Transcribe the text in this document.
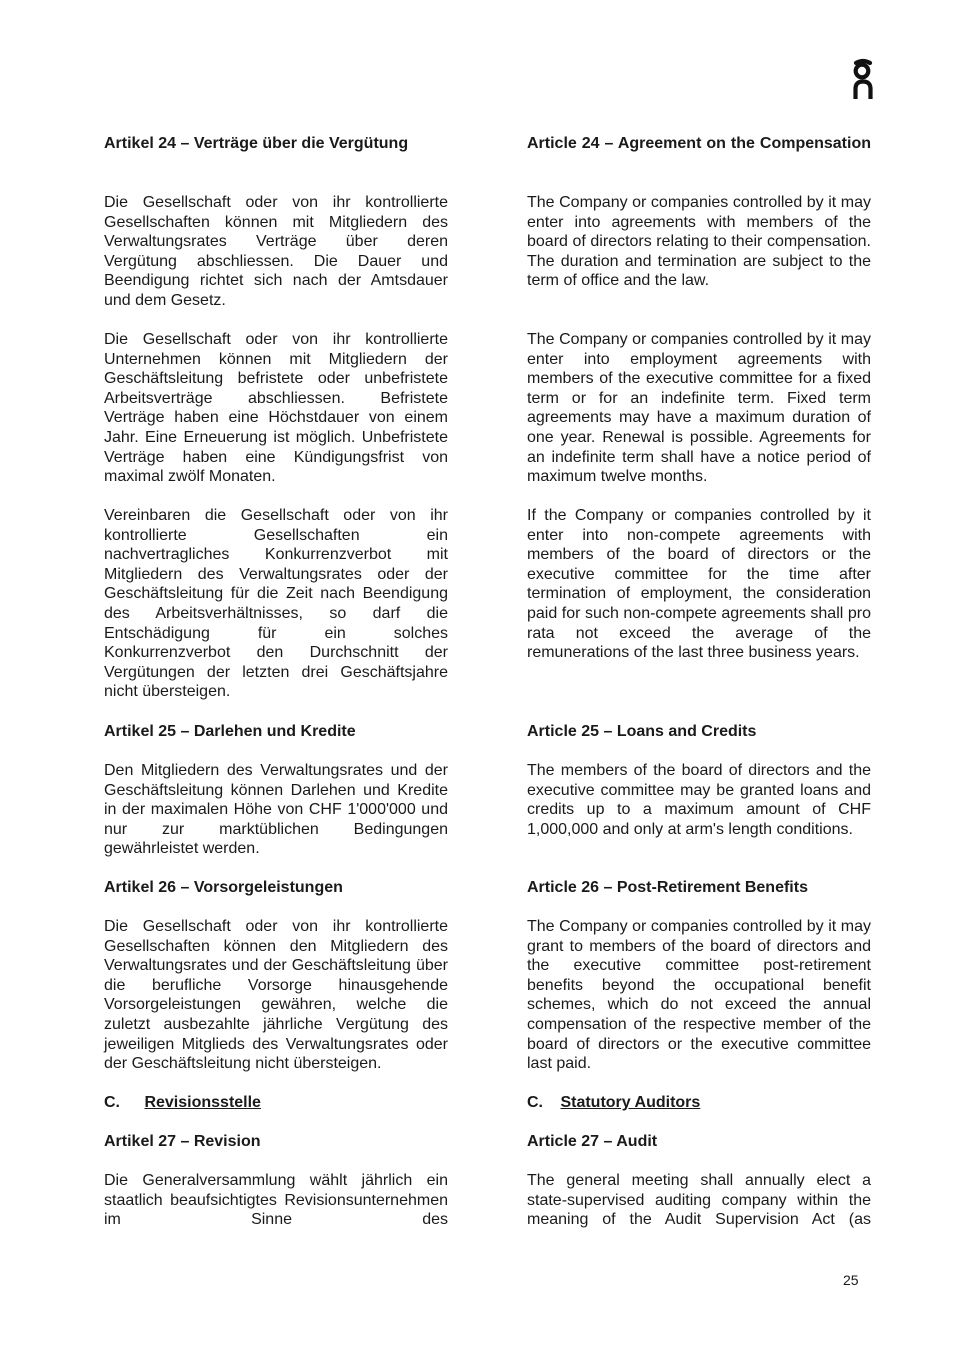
Artikel 24 – Verträge über die Vergütung

Die Gesellschaft oder von ihr kontrollierte Gesellschaften können mit Mitgliedern des Verwaltungsrates Verträge über deren Vergütung abschliessen. Die Dauer und Beendigung richtet sich nach der Amtsdauer und dem Gesetz.

Die Gesellschaft oder von ihr kontrollierte Unternehmen können mit Mitgliedern der Geschäftsleitung befristete oder unbefristete Arbeitsverträge abschliessen. Befristete Verträge haben eine Höchstdauer von einem Jahr. Eine Erneuerung ist möglich. Unbefristete Verträge haben eine Kündigungsfrist von maximal zwölf Monaten.

Vereinbaren die Gesellschaft oder von ihr kontrollierte Gesellschaften ein nachvertragliches Konkurrenzverbot mit Mitgliedern des Verwaltungsrates oder der Geschäftsleitung für die Zeit nach Beendigung des Arbeitsverhältnisses, so darf die Entschädigung für ein solches Konkurrenzverbot den Durchschnitt der Vergütungen der letzten drei Geschäftsjahre nicht übersteigen.

Artikel 25 – Darlehen und Kredite

Den Mitgliedern des Verwaltungsrates und der Geschäftsleitung können Darlehen und Kredite in der maximalen Höhe von CHF 1'000'000 und nur zur marktüblichen Bedingungen gewährleistet werden.

Artikel 26 – Vorsorgeleistungen

Die Gesellschaft oder von ihr kontrollierte Gesellschaften können den Mitgliedern des Verwaltungsrates und der Geschäftsleitung über die berufliche Vorsorge hinausgehende Vorsorgeleistungen gewähren, welche die zuletzt ausbezahlte jährliche Vergütung des jeweiligen Mitglieds des Verwaltungsrates oder der Geschäftsleitung nicht übersteigen.

C. Revisionsstelle

Artikel 27 – Revision

Die Generalversammlung wählt jährlich ein staatlich beaufsichtigtes Revisionsunternehmen im Sinne des

Article 24 – Agreement on the Compensation

The Company or companies controlled by it may enter into agreements with members of the board of directors relating to their compensation. The duration and termination are subject to the term of office and the law.

The Company or companies controlled by it may enter into employment agreements with members of the executive committee for a fixed term or for an indefinite term. Fixed term agreements may have a maximum duration of one year. Renewal is possible. Agreements for an indefinite term shall have a notice period of maximum twelve months.

If the Company or companies controlled by it enter into non-compete agreements with members of the board of directors or the executive committee for the time after termination of employment, the consideration paid for such non-compete agreements shall pro rata not exceed the average of the remunerations of the last three business years.

Article 25 – Loans and Credits

The members of the board of directors and the executive committee may be granted loans and credits up to a maximum amount of CHF 1,000,000 and only at arm's length conditions.

Article 26 – Post-Retirement Benefits

The Company or companies controlled by it may grant to members of the board of directors and the executive committee post-retirement benefits beyond the occupational benefit schemes, which do not exceed the annual compensation of the respective member of the board of directors or the executive committee last paid.

C. Statutory Auditors

Article 27 – Audit

The general meeting shall annually elect a state-supervised auditing company within the meaning of the Audit Supervision Act (as

25
